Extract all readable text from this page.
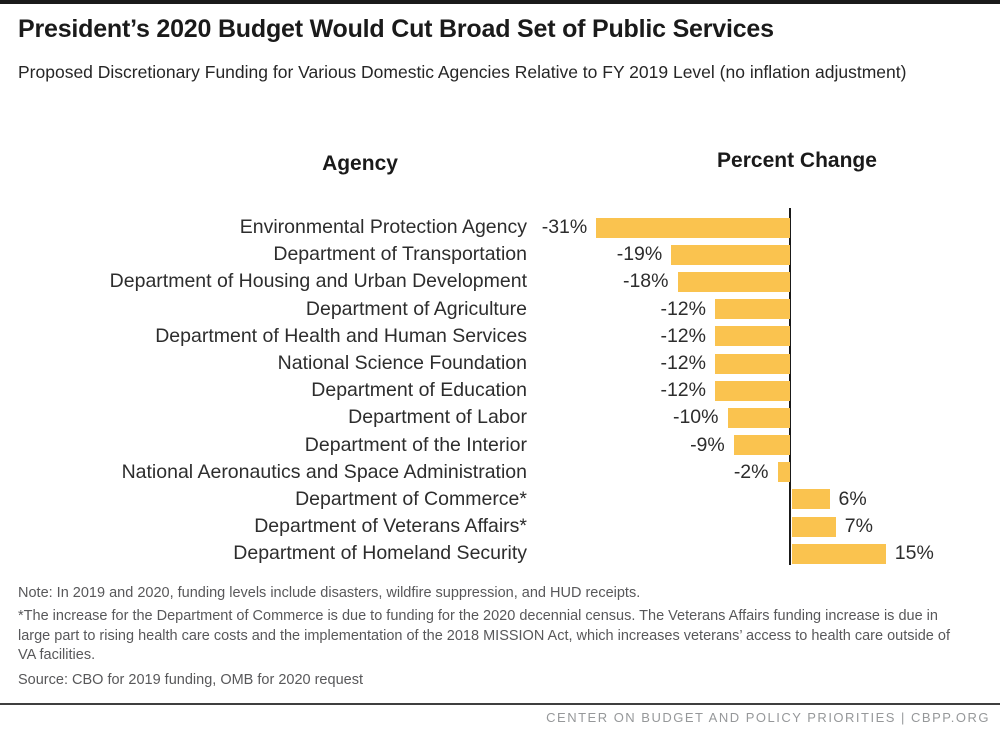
President’s 2020 Budget Would Cut Broad Set of Public Services

Proposed Discretionary Funding for Various Domestic Agencies Relative to FY 2019 Level (no inflation adjustment)

Agency	Percent Change
Environmental Protection Agency -31%
Department of Transportation	-19%
Department of Housing and Urban Development	-18%
Department of Agriculture	-12%
Department of Health and Human Services	-12%
National Science Foundation	-12%
Department of Education	-12%
Department of Labor	-10%
Department of the Interior	-9%
National Aeronautics and Space Administration	-2%
Department of Commerce*	6%
Department of Veterans Affairs*	7%
Department of Homeland Security	15%

Note: In 2019 and 2020, funding levels include disasters, wildfire suppression, and HUD receipts.

*The increase for the Department of Commerce is due to funding for the 2020 decennial census. The Veterans Affairs funding increase is due in large part to rising health care costs and the implementation of the 2018 MISSION Act, which increases veterans’ access to health care outside of VA facilities.

Source: CBO for 2019 funding, OMB for 2020 request

CENTER ON BUDGET AND POLICY PRIORITIES | CBPP.ORG
